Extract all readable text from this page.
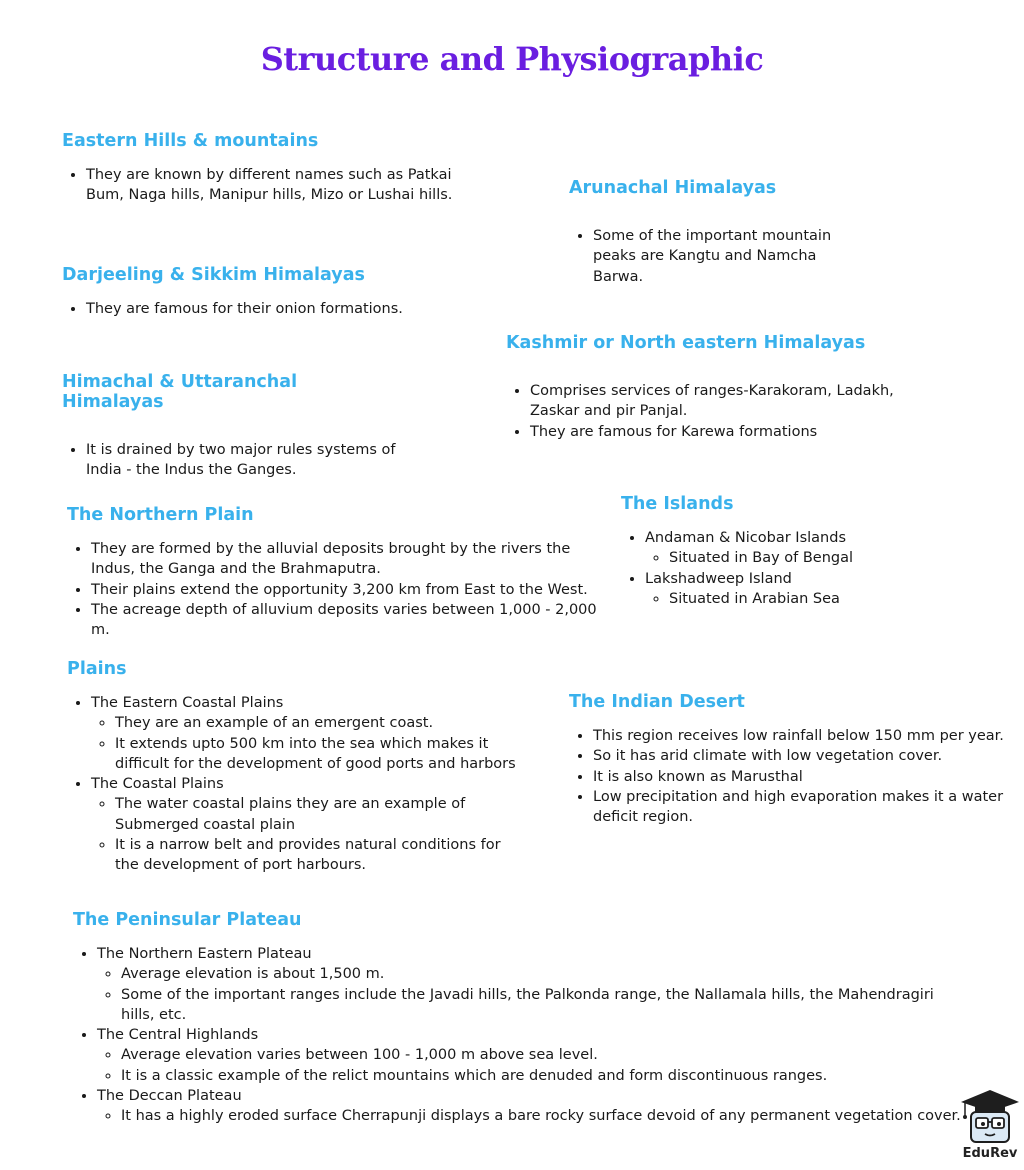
Structure and Physiographic
Eastern Hills & mountains
• They are known by different names such as Patkai Bum, Naga hills, Manipur hills, Mizo or Lushai hills.	Arunachal Himalayas
• Some of the important mountain peaks are Kangtu and Namcha Barwa.
Darjeeling & Sikkim Himalayas
• They are famous for their onion formations.
Kashmir or North eastern Himalayas
• Comprises services of ranges-Karakoram, Ladakh, Zaskar and pir Panjal.
• They are famous for Karewa formations
Himachal & Uttaranchal Himalayas
• It is drained by two major rules systems of India - the Indus the Ganges.
The Northern Plain
• They are formed by the alluvial deposits brought by the rivers the Indus, the Ganga and the Brahmaputra.
• Their plains extend the opportunity 3,200 km from East to the West.
• The acreage depth of alluvium deposits varies between 1,000 - 2,000 m.
The Islands
• Andaman & Nicobar Islands
◦ Situated in Bay of Bengal
• Lakshadweep Island
◦ Situated in Arabian Sea
Plains
• The Eastern Coastal Plains
◦ They are an example of an emergent coast.
◦ It extends upto 500 km into the sea which makes it difficult for the development of good ports and harbors
• The Coastal Plains
◦ The water coastal plains they are an example of Submerged coastal plain
◦ It is a narrow belt and provides natural conditions for the development of port harbours.
The Indian Desert
• This region receives low rainfall below 150 mm per year.
• So it has arid climate with low vegetation cover.
• It is also known as Marusthal
• Low precipitation and high evaporation makes it a water deficit region.
The Peninsular Plateau
• The Northern Eastern Plateau
◦ Average elevation is about 1,500 m.
◦ Some of the important ranges include the Javadi hills, the Palkonda range, the Nallamala hills, the Mahendragiri hills, etc.
• The Central Highlands
◦ Average elevation varies between 100 - 1,000 m above sea level.
◦ It is a classic example of the relict mountains which are denuded and form discontinuous ranges.
• The Deccan Plateau
◦ It has a highly eroded surface Cherrapunji displays a bare rocky surface devoid of any permanent vegetation cover.
EduRev
